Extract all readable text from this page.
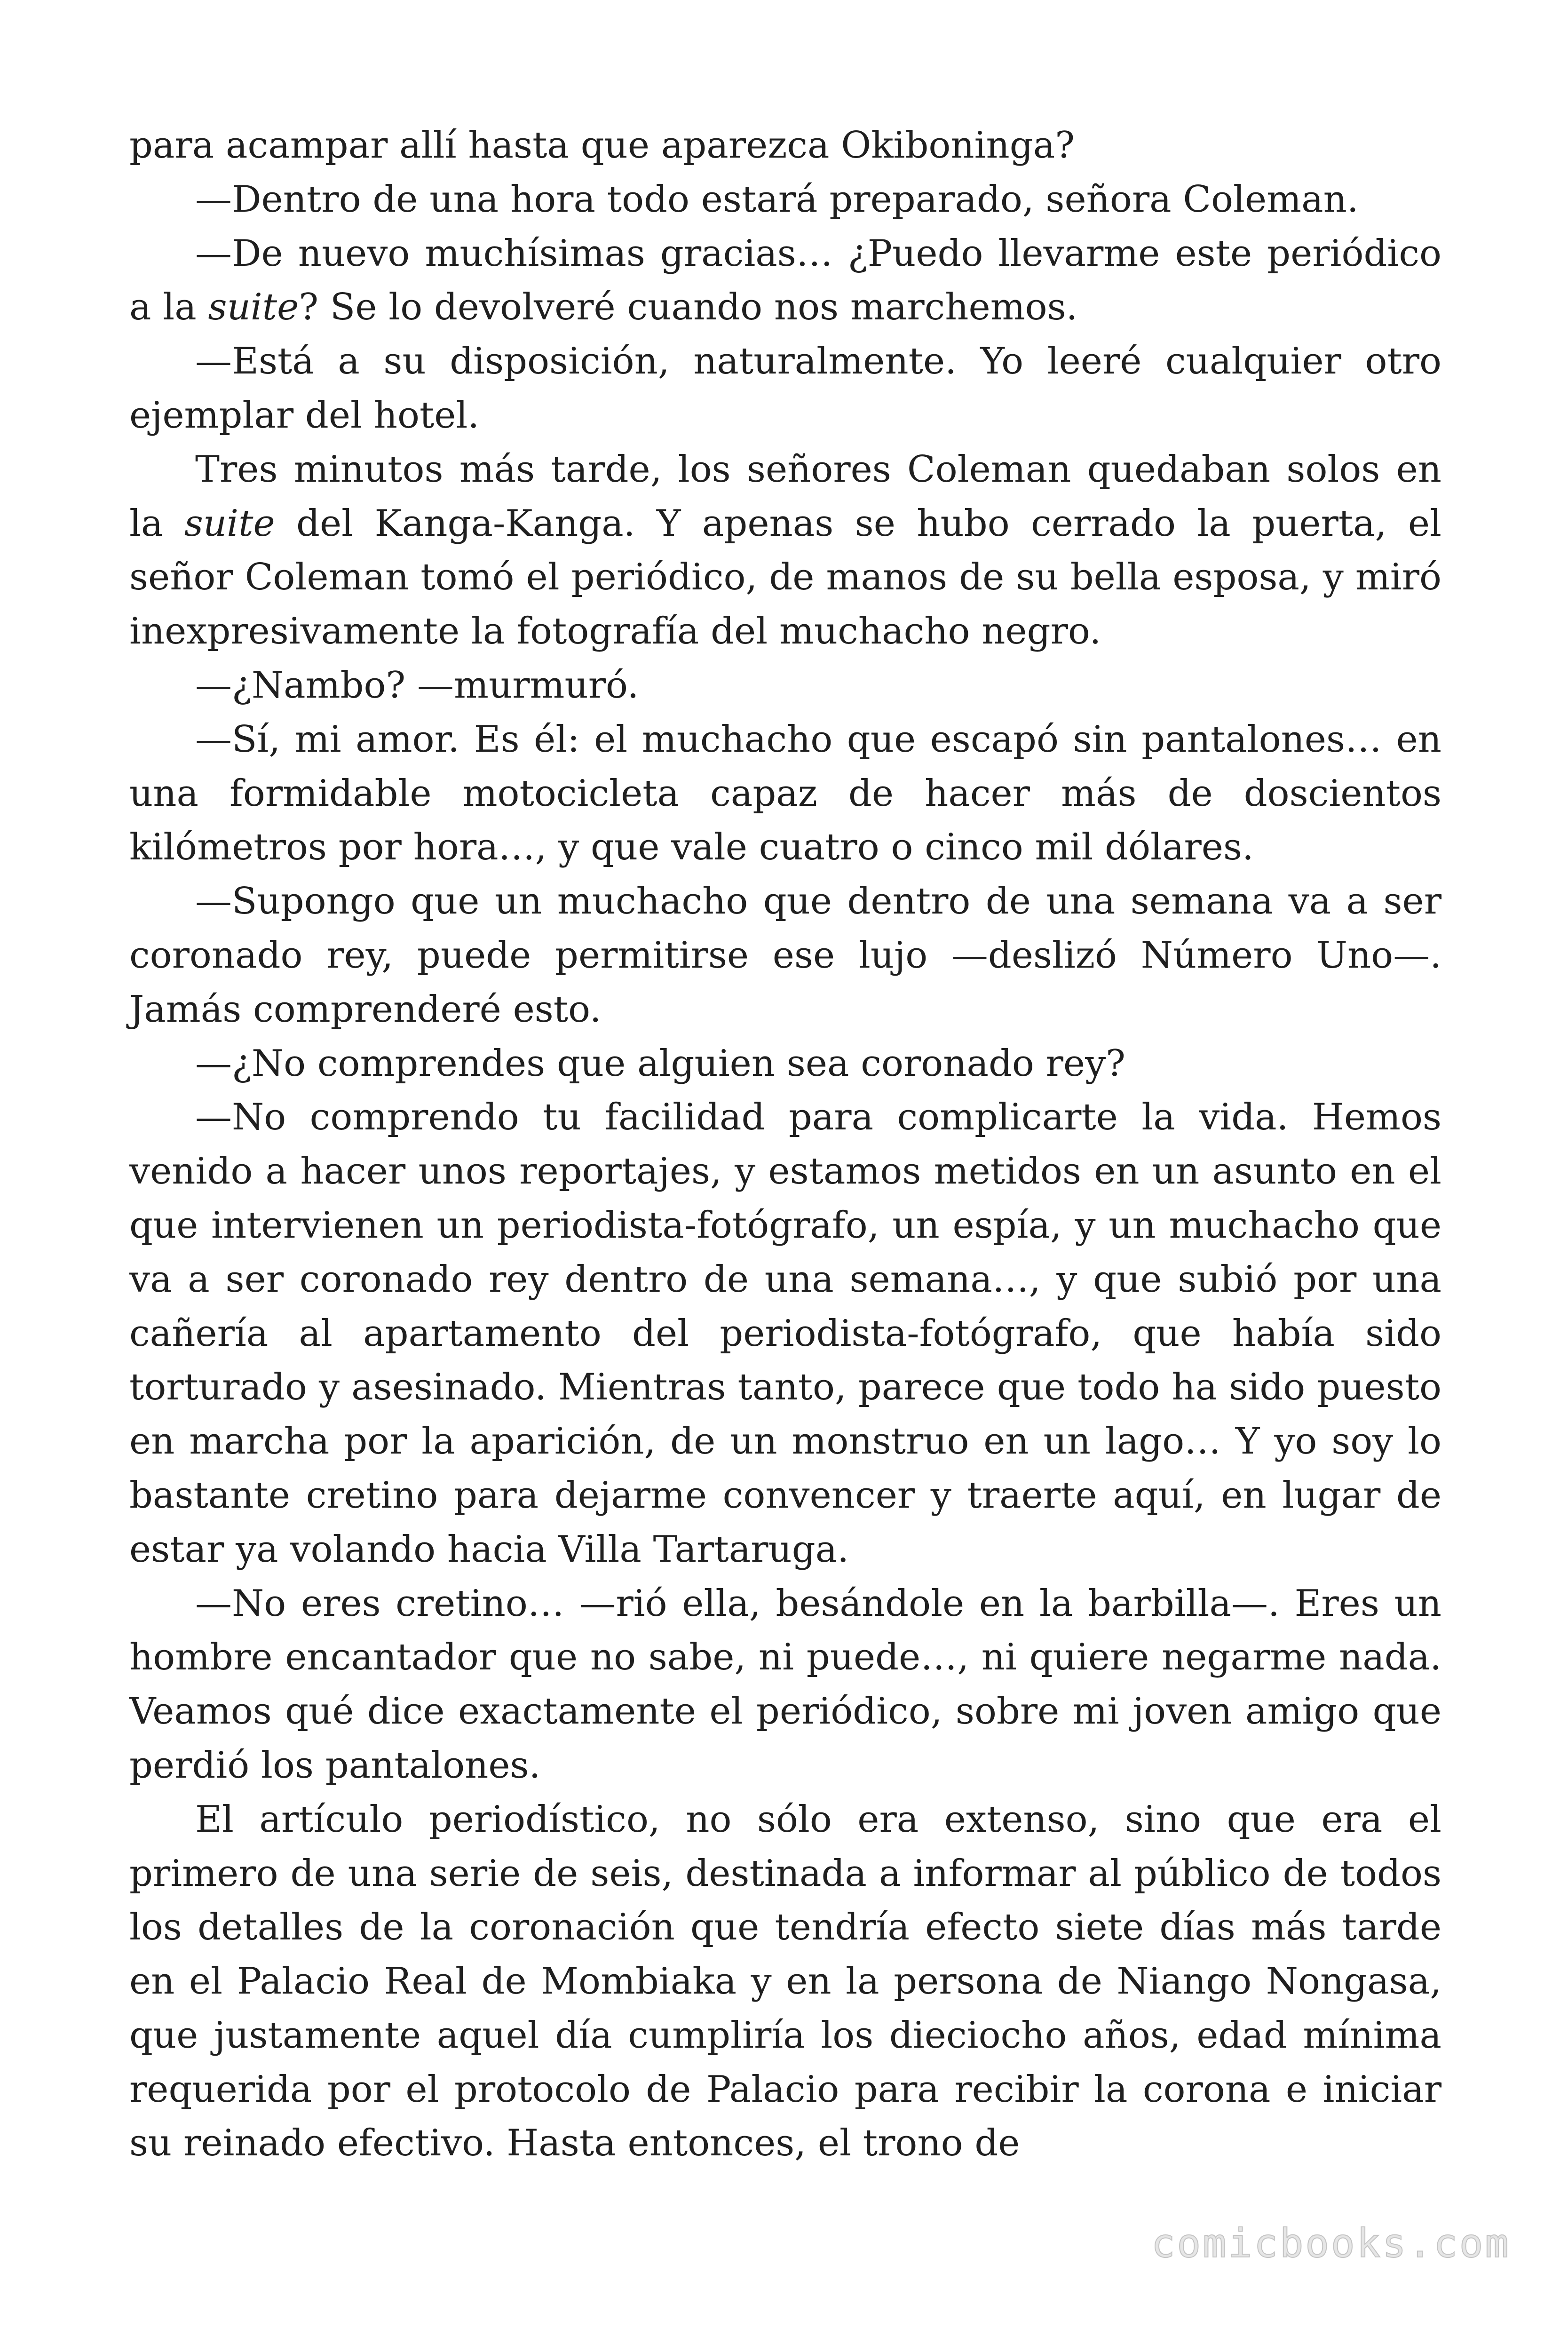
para acampar allí hasta que aparezca Okiboninga?

—Dentro de una hora todo estará preparado, señora Coleman.

—De nuevo muchísimas gracias… ¿Puedo llevarme este periódico a la suite? Se lo devolveré cuando nos marchemos.

—Está a su disposición, naturalmente. Yo leeré cualquier otro ejemplar del hotel.

Tres minutos más tarde, los señores Coleman quedaban solos en la suite del Kanga-Kanga. Y apenas se hubo cerrado la puerta, el señor Coleman tomó el periódico, de manos de su bella esposa, y miró inexpresivamente la fotografía del muchacho negro.

—¿Nambo? —murmuró.

—Sí, mi amor. Es él: el muchacho que escapó sin pantalones… en una formidable motocicleta capaz de hacer más de doscientos kilómetros por hora…, y que vale cuatro o cinco mil dólares.

—Supongo que un muchacho que dentro de una semana va a ser coronado rey, puede permitirse ese lujo —deslizó Número Uno—. Jamás comprenderé esto.

—¿No comprendes que alguien sea coronado rey?

—No comprendo tu facilidad para complicarte la vida. Hemos venido a hacer unos reportajes, y estamos metidos en un asunto en el que intervienen un periodista-fotógrafo, un espía, y un muchacho que va a ser coronado rey dentro de una semana…, y que subió por una cañería al apartamento del periodista-fotógrafo, que había sido torturado y asesinado. Mientras tanto, parece que todo ha sido puesto en marcha por la aparición, de un monstruo en un lago… Y yo soy lo bastante cretino para dejarme convencer y traerte aquí, en lugar de estar ya volando hacia Villa Tartaruga.

—No eres cretino… —rió ella, besándole en la barbilla—. Eres un hombre encantador que no sabe, ni puede…, ni quiere negarme nada. Veamos qué dice exactamente el periódico, sobre mi joven amigo que perdió los pantalones.

El artículo periodístico, no sólo era extenso, sino que era el primero de una serie de seis, destinada a informar al público de todos los detalles de la coronación que tendría efecto siete días más tarde en el Palacio Real de Mombiaka y en la persona de Niango Nongasa, que justamente aquel día cumpliría los dieciocho años, edad mínima requerida por el protocolo de Palacio para recibir la corona e iniciar su reinado efectivo. Hasta entonces, el trono de

comicbooks.com
